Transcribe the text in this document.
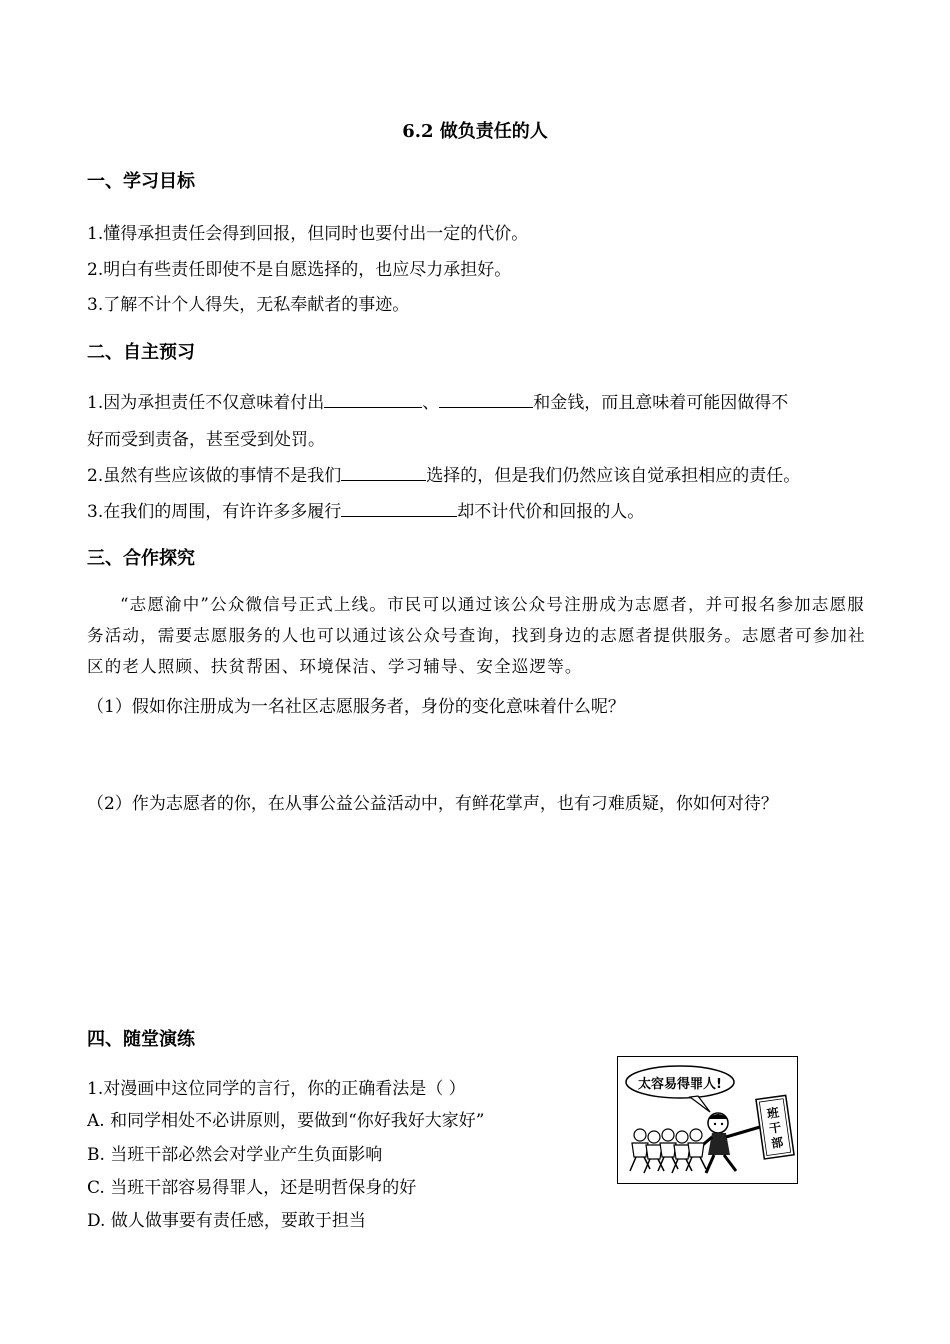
6.2 做负责任的人
一、学习目标
1.懂得承担责任会得到回报，但同时也要付出一定的代价。
2.明白有些责任即使不是自愿选择的，也应尽力承担好。
3.了解不计个人得失，无私奉献者的事迹。
二、自主预习
1.因为承担责任不仅意味着付出	、	和金钱，而且意味着可能因做得不
好而受到责备，甚至受到处罚。
2.虽然有些应该做的事情不是我们	选择的，但是我们仍然应该自觉承担相应的责任。
3.在我们的周围，有许许多多履行	却不计代价和回报的人。
三、合作探究
“志愿渝中”公众微信号正式上线。市民可以通过该公众号注册成为志愿者，并可报名参加志愿服务活动，需要志愿服务的人也可以通过该公众号查询，找到身边的志愿者提供服务。志愿者可参加社区的老人照顾、扶贫帮困、环境保洁、学习辅导、安全巡逻等。
（1）假如你注册成为一名社区志愿服务者，身份的变化意味着什么呢？
（2）作为志愿者的你，在从事公益公益活动中，有鲜花掌声，也有刁难质疑，你如何对待？
四、随堂演练
1.对漫画中这位同学的言行，你的正确看法是（ ）
A. 和同学相处不必讲原则，要做到“你好我好大家好”
B. 当班干部必然会对学业产生负面影响
C. 当班干部容易得罪人，还是明哲保身的好
D. 做人做事要有责任感，要敢于担当
太容易得罪人!
班
干
部
